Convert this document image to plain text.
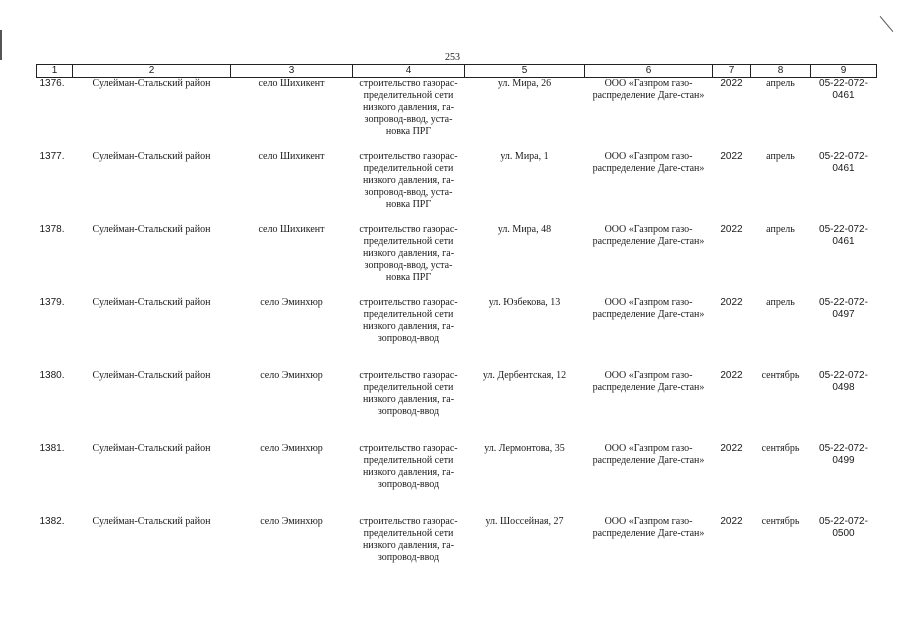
253
1	2	3	4	5	6	7	8	9
1376.	Сулейман-Стальский район	село Шихикент	строительство газорас-пределительной сети низкого давления, га-зопровод-ввод, уста-новка ПРГ	ул. Мира, 26	ООО «Газпром газо-распределение Даге-стан»	2022	апрель	05-22-072-0461
1377.	Сулейман-Стальский район	село Шихикент	строительство газорас-пределительной сети низкого давления, га-зопровод-ввод, уста-новка ПРГ	ул. Мира, 1	ООО «Газпром газо-распределение Даге-стан»	2022	апрель	05-22-072-0461
1378.	Сулейман-Стальский район	село Шихикент	строительство газорас-пределительной сети низкого давления, га-зопровод-ввод, уста-новка ПРГ	ул. Мира, 48	ООО «Газпром газо-распределение Даге-стан»	2022	апрель	05-22-072-0461
1379.	Сулейман-Стальский район	село Эминхюр	строительство газорас-пределительной сети низкого давления, га-зопровод-ввод	ул. Юзбекова, 13	ООО «Газпром газо-распределение Даге-стан»	2022	апрель	05-22-072-0497
1380.	Сулейман-Стальский район	село Эминхюр	строительство газорас-пределительной сети низкого давления, га-зопровод-ввод	ул. Дербентская, 12	ООО «Газпром газо-распределение Даге-стан»	2022	сентябрь	05-22-072-0498
1381.	Сулейман-Стальский район	село Эминхюр	строительство газорас-пределительной сети низкого давления, га-зопровод-ввод	ул. Лермонтова, 35	ООО «Газпром газо-распределение Даге-стан»	2022	сентябрь	05-22-072-0499
1382.	Сулейман-Стальский район	село Эминхюр	строительство газорас-пределительной сети низкого давления, га-зопровод-ввод	ул. Шоссейная, 27	ООО «Газпром газо-распределение Даге-стан»	2022	сентябрь	05-22-072-0500
